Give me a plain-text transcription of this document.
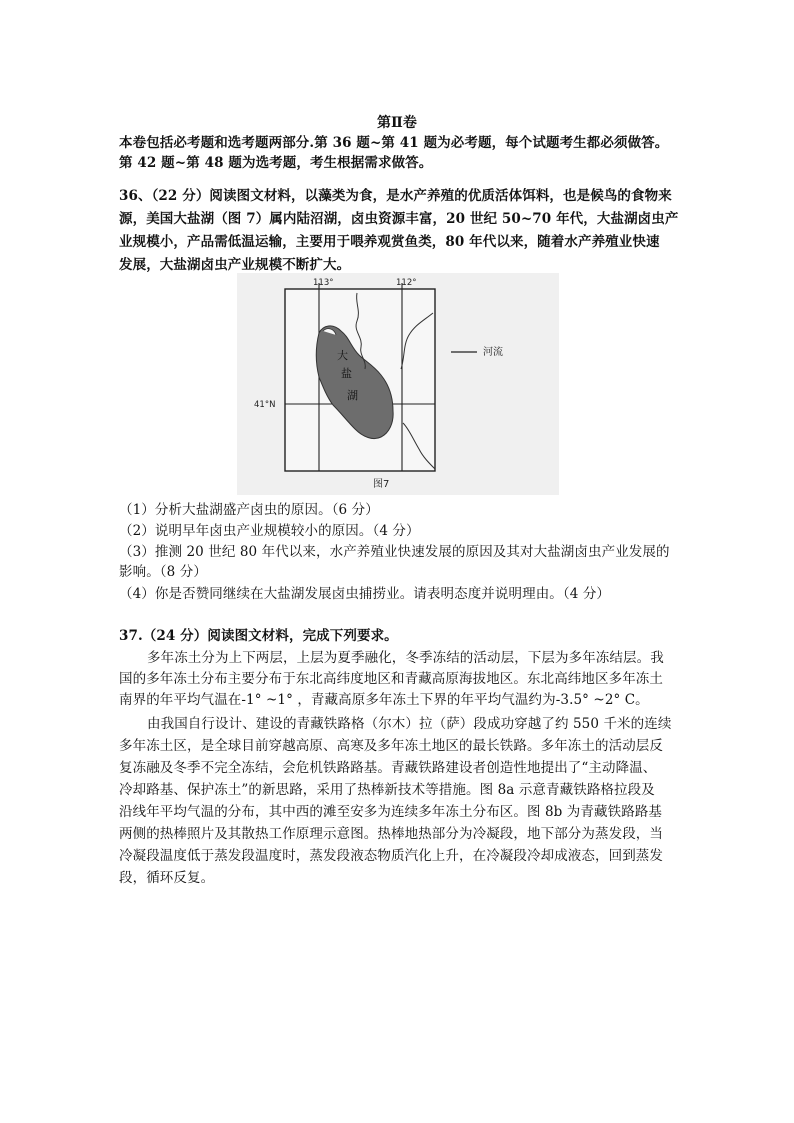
第Ⅱ卷
本卷包括必考题和选考题两部分.第 36 题~第 41 题为必考题，每个试题考生都必须做答。
第 42 题~第 48 题为选考题，考生根据需求做答。
36、（22 分）阅读图文材料，以藻类为食，是水产养殖的优质活体饵料，也是候鸟的食物来
源，美国大盐湖（图 7）属内陆沼湖，卤虫资源丰富，20 世纪 50~70 年代，大盐湖卤虫产
业规模小，产品需低温运输，主要用于喂养观赏鱼类，80 年代以来，随着水产养殖业快速
发展，大盐湖卤虫产业规模不断扩大。
113°	112°
41°N
大
盐
湖
河流
图7
（1）分析大盐湖盛产卤虫的原因。（6 分）
（2）说明早年卤虫产业规模较小的原因。（4 分）
（3）推测 20 世纪 80 年代以来，水产养殖业快速发展的原因及其对大盐湖卤虫产业发展的
影响。（8 分）
（4）你是否赞同继续在大盐湖发展卤虫捕捞业。请表明态度并说明理由。（4 分）
37.（24 分）阅读图文材料，完成下列要求。
多年冻土分为上下两层，上层为夏季融化，冬季冻结的活动层，下层为多年冻结层。我
国的多年冻土分布主要分布于东北高纬度地区和青藏高原海拔地区。东北高纬地区多年冻土
南界的年平均气温在-1° ~1° ，青藏高原多年冻土下界的年平均气温约为-3.5° ~2° C。
由我国自行设计、建设的青藏铁路格（尔木）拉（萨）段成功穿越了约 550 千米的连续
多年冻土区，是全球目前穿越高原、高寒及多年冻土地区的最长铁路。多年冻土的活动层反
复冻融及冬季不完全冻结，会危机铁路路基。青藏铁路建设者创造性地提出了“主动降温、
冷却路基、保护冻土”的新思路，采用了热棒新技术等措施。图 8a 示意青藏铁路格拉段及
沿线年平均气温的分布，其中西的滩至安多为连续多年冻土分布区。图 8b 为青藏铁路路基
两侧的热棒照片及其散热工作原理示意图。热棒地热部分为冷凝段，地下部分为蒸发段，当
冷凝段温度低于蒸发段温度时，蒸发段液态物质汽化上升，在冷凝段冷却成液态，回到蒸发
段，循环反复。
